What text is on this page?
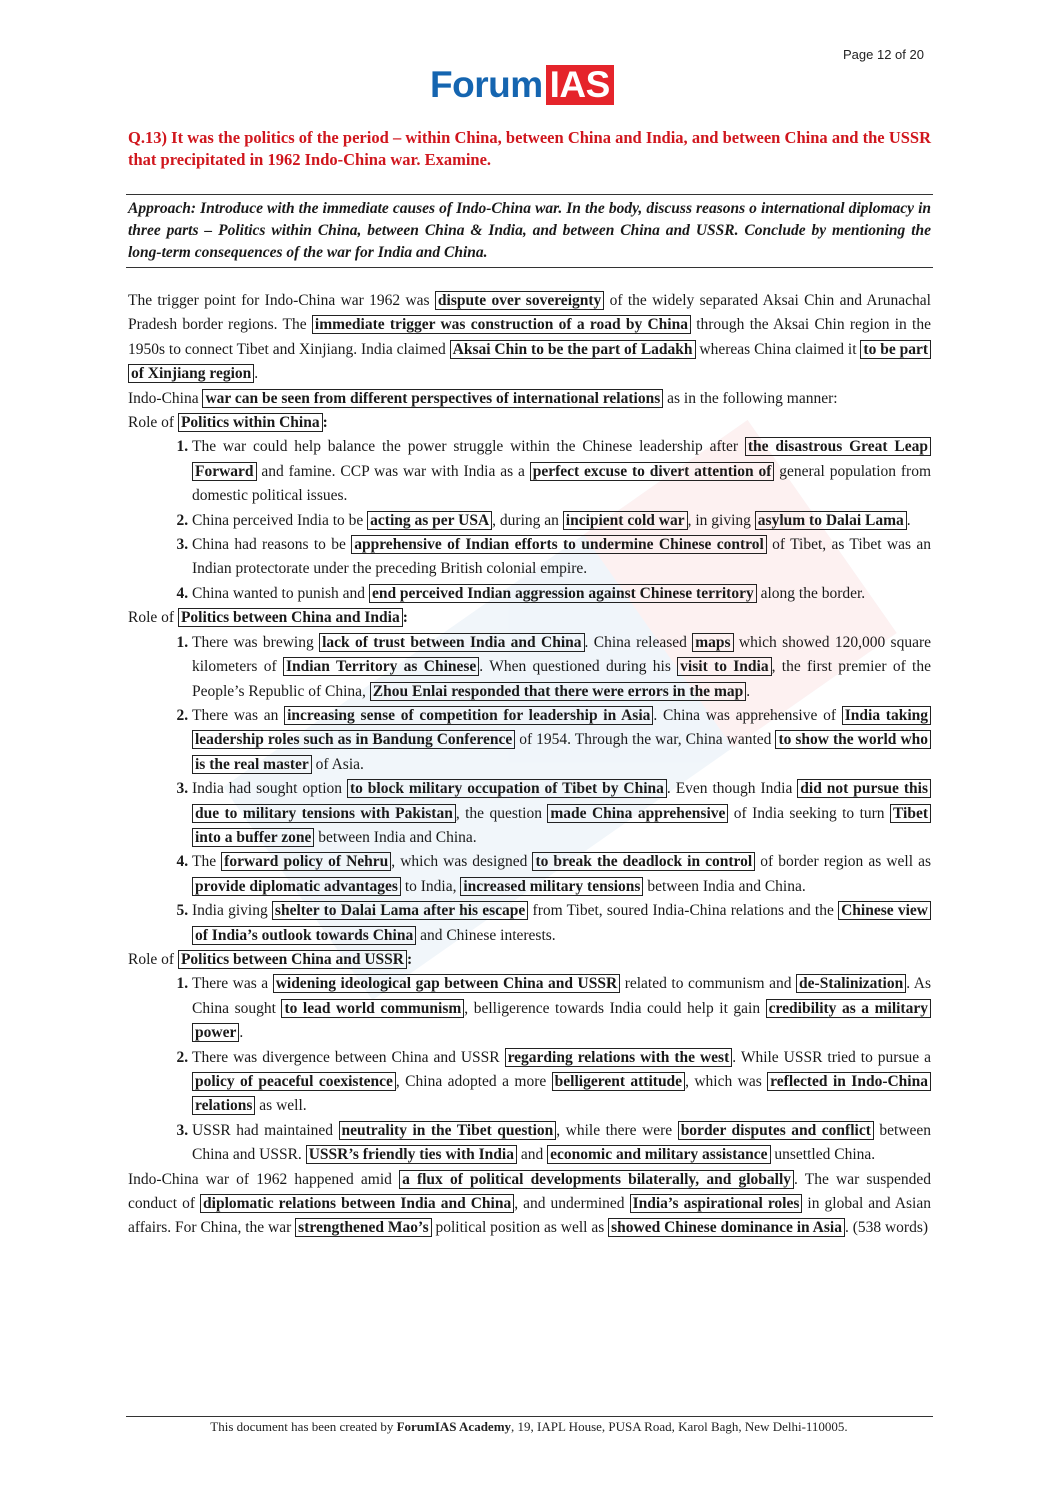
Page 12 of 20
Forum IAS
Q.13) It was the politics of the period – within China, between China and India, and between China and the USSR that precipitated in 1962 Indo-China war. Examine.
Approach: Introduce with the immediate causes of Indo-China war. In the body, discuss reasons o international diplomacy in three parts – Politics within China, between China & India, and between China and USSR. Conclude by mentioning the long-term consequences of the war for India and China.

The trigger point for Indo-China war 1962 was dispute over sovereignty of the widely separated Aksai Chin and Arunachal Pradesh border regions. The immediate trigger was construction of a road by China through the Aksai Chin region in the 1950s to connect Tibet and Xinjiang. India claimed Aksai Chin to be the part of Ladakh whereas China claimed it to be part of Xinjiang region .

Indo-China war can be seen from different perspectives of international relations as in the following manner:

Role of Politics within China :

1. The war could help balance the power struggle within the Chinese leadership after the disastrous Great Leap Forward and famine. CCP was war with India as a perfect excuse to divert attention of general population from domestic political issues.
2. China perceived India to be acting as per USA , during an incipient cold war , in giving asylum to Dalai Lama .
3. China had reasons to be apprehensive of Indian efforts to undermine Chinese control of Tibet, as Tibet was an Indian protectorate under the preceding British colonial empire.
4. China wanted to punish and end perceived Indian aggression against Chinese territory along the border.

Role of Politics between China and India :

1. There was brewing lack of trust between India and China . China released maps which showed 120,000 square kilometers of Indian Territory as Chinese . When questioned during his visit to India , the first premier of the People’s Republic of China, Zhou Enlai responded that there were errors in the map .
2. There was an increasing sense of competition for leadership in Asia . China was apprehensive of India taking leadership roles such as in Bandung Conference of 1954. Through the war, China wanted to show the world who is the real master of Asia.
3. India had sought option to block military occupation of Tibet by China . Even though India did not pursue this due to military tensions with Pakistan , the question made China apprehensive of India seeking to turn Tibet into a buffer zone between India and China.
4. The forward policy of Nehru , which was designed to break the deadlock in control of border region as well as provide diplomatic advantages to India, increased military tensions between India and China.
5. India giving shelter to Dalai Lama after his escape from Tibet, soured India-China relations and the Chinese view of India’s outlook towards China and Chinese interests.

Role of Politics between China and USSR :

1. There was a widening ideological gap between China and USSR related to communism and de-Stalinization . As China sought to lead world communism , belligerence towards India could help it gain credibility as a military power .
2. There was divergence between China and USSR regarding relations with the west . While USSR tried to pursue a policy of peaceful coexistence , China adopted a more belligerent attitude , which was reflected in Indo-China relations as well.
3. USSR had maintained neutrality in the Tibet question , while there were border disputes and conflict between China and USSR. USSR’s friendly ties with India and economic and military assistance unsettled China.

Indo-China war of 1962 happened amid a flux of political developments bilaterally, and globally . The war suspended conduct of diplomatic relations between India and China , and undermined India’s aspirational roles in global and Asian affairs. For China, the war strengthened Mao’s political position as well as showed Chinese dominance in Asia . (538 words)

This document has been created by ForumIAS Academy, 19, IAPL House, PUSA Road, Karol Bagh, New Delhi-110005.
